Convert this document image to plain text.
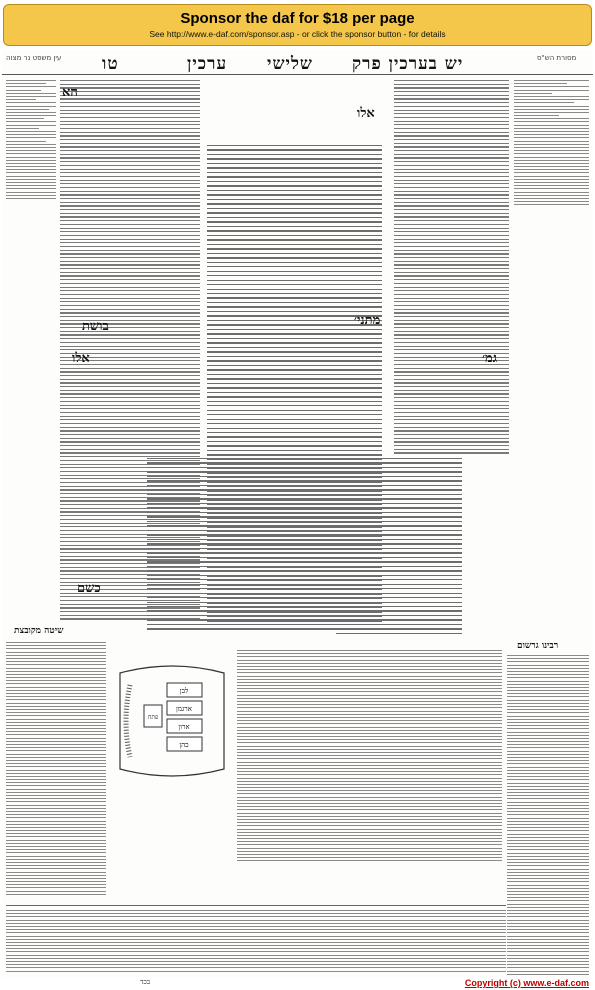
Sponsor the daf for $18 per page
See http://www.e-daf.com/sponsor.asp - or click the sponsor button - for details
עין משפט נר מצוה טו	ערכין שלישי יש בערכין פרק	מסורת הש"ס
הא
בושת
אלו
כשם
אלו
מתני׳
גמ׳
רבינו גרשום
שיטה מקובצת
לבן
ארגמן
פתח
ארון
כהן
בכד	Copyright (c) www.e-daf.com
